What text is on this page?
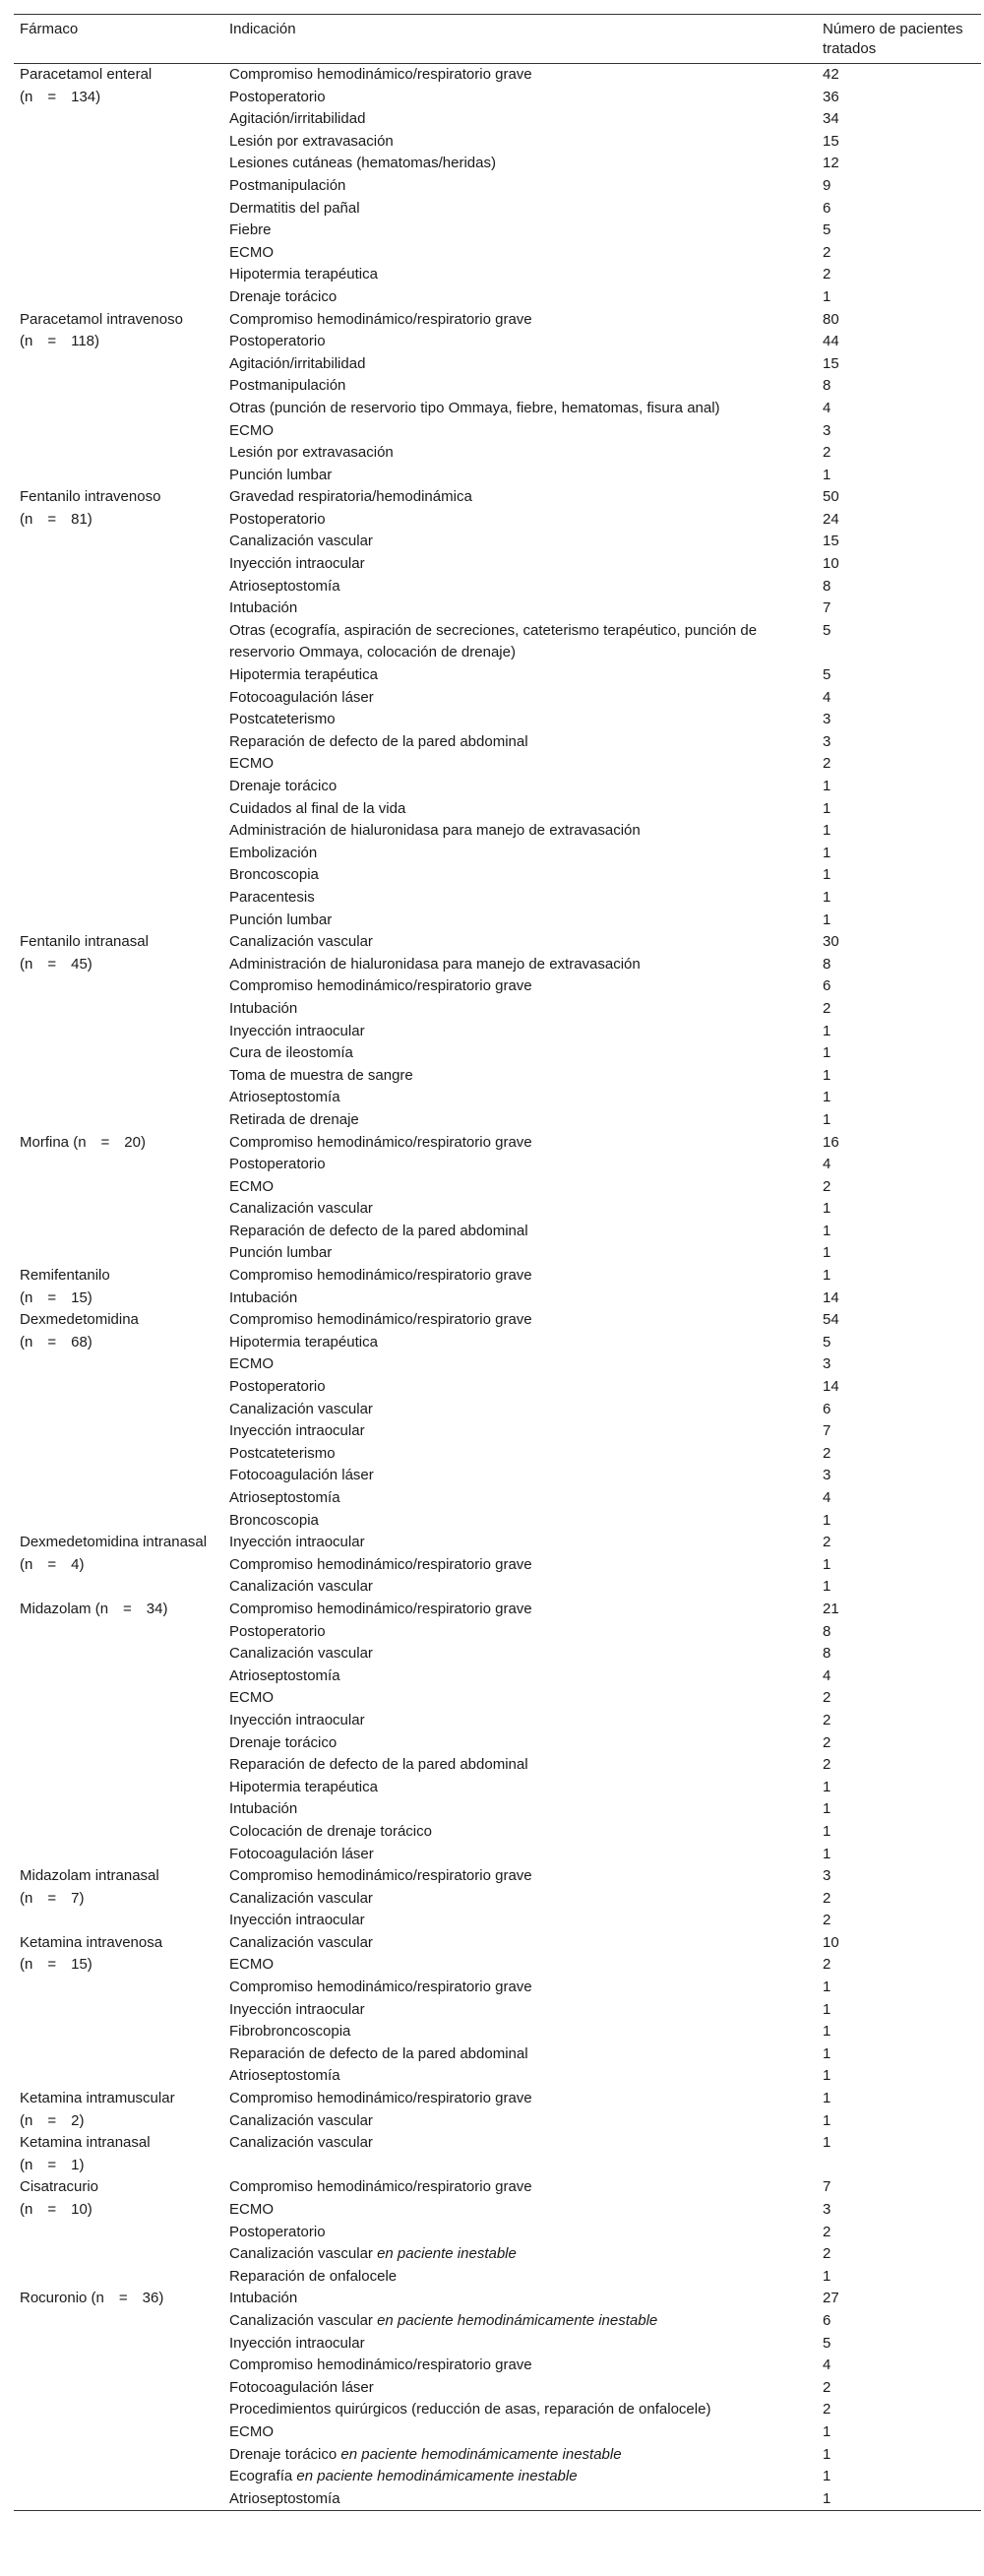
Fármaco	Indicación	Número de pacientes tratados
Paracetamol enteral
(n = 134)	Compromiso hemodinámico/respiratorio grave	42
	Postoperatorio	36
	Agitación/irritabilidad	34
	Lesión por extravasación	15
	Lesiones cutáneas (hematomas/heridas)	12
	Postmanipulación	9
	Dermatitis del pañal	6
	Fiebre	5
	ECMO	2
	Hipotermia terapéutica	2
	Drenaje torácico	1
Paracetamol intravenoso
(n = 118)	Compromiso hemodinámico/respiratorio grave	80
	Postoperatorio	44
	Agitación/irritabilidad	15
	Postmanipulación	8
	Otras (punción de reservorio tipo Ommaya, fiebre, hematomas, fisura anal)	4
	ECMO	3
	Lesión por extravasación	2
	Punción lumbar	1
Fentanilo intravenoso
(n = 81)	Gravedad respiratoria/hemodinámica	50
	Postoperatorio	24
	Canalización vascular	15
	Inyección intraocular	10
	Atrioseptostomía	8
	Intubación	7
	Otras (ecografía, aspiración de secreciones, cateterismo terapéutico, punción de reservorio Ommaya, colocación de drenaje)	5
	Hipotermia terapéutica	5
	Fotocoagulación láser	4
	Postcateterismo	3
	Reparación de defecto de la pared abdominal	3
	ECMO	2
	Drenaje torácico	1
	Cuidados al final de la vida	1
	Administración de hialuronidasa para manejo de extravasación	1
	Embolización	1
	Broncoscopia	1
	Paracentesis	1
	Punción lumbar	1
Fentanilo intranasal
(n = 45)	Canalización vascular	30
	Administración de hialuronidasa para manejo de extravasación	8
	Compromiso hemodinámico/respiratorio grave	6
	Intubación	2
	Inyección intraocular	1
	Cura de ileostomía	1
	Toma de muestra de sangre	1
	Atrioseptostomía	1
	Retirada de drenaje	1
Morfina (n = 20)	Compromiso hemodinámico/respiratorio grave	16
	Postoperatorio	4
	ECMO	2
	Canalización vascular	1
	Reparación de defecto de la pared abdominal	1
	Punción lumbar	1
Remifentanilo
(n = 15)	Compromiso hemodinámico/respiratorio grave	1
	Intubación	14
Dexmedetomidina
(n = 68)	Compromiso hemodinámico/respiratorio grave	54
	Hipotermia terapéutica	5
	ECMO	3
	Postoperatorio	14
	Canalización vascular	6
	Inyección intraocular	7
	Postcateterismo	2
	Fotocoagulación láser	3
	Atrioseptostomía	4
	Broncoscopia	1
Dexmedetomidina intranasal (n = 4)	Inyección intraocular	2
	Compromiso hemodinámico/respiratorio grave	1
	Canalización vascular	1
Midazolam (n = 34)	Compromiso hemodinámico/respiratorio grave	21
	Postoperatorio	8
	Canalización vascular	8
	Atrioseptostomía	4
	ECMO	2
	Inyección intraocular	2
	Drenaje torácico	2
	Reparación de defecto de la pared abdominal	2
	Hipotermia terapéutica	1
	Intubación	1
	Colocación de drenaje torácico	1
	Fotocoagulación láser	1
Midazolam intranasal
(n = 7)	Compromiso hemodinámico/respiratorio grave	3
	Canalización vascular	2
	Inyección intraocular	2
Ketamina intravenosa
(n = 15)	Canalización vascular	10
	ECMO	2
	Compromiso hemodinámico/respiratorio grave	1
	Inyección intraocular	1
	Fibrobroncoscopia	1
	Reparación de defecto de la pared abdominal	1
	Atrioseptostomía	1
Ketamina intramuscular
(n = 2)	Compromiso hemodinámico/respiratorio grave	1
	Canalización vascular	1
Ketamina intranasal
(n = 1)	Canalización vascular	1

Cisatracurio
(n = 10)	Compromiso hemodinámico/respiratorio grave	7
	ECMO	3
	Postoperatorio	2
	Canalización vascular en paciente inestable	2
	Reparación de onfalocele	1
Rocuronio (n = 36)	Intubación	27
	Canalización vascular en paciente hemodinámicamente inestable	6
	Inyección intraocular	5
	Compromiso hemodinámico/respiratorio grave	4
	Fotocoagulación láser	2
	Procedimientos quirúrgicos (reducción de asas, reparación de onfalocele)	2
	ECMO	1
	Drenaje torácico en paciente hemodinámicamente inestable	1
	Ecografía en paciente hemodinámicamente inestable	1
	Atrioseptostomía	1
